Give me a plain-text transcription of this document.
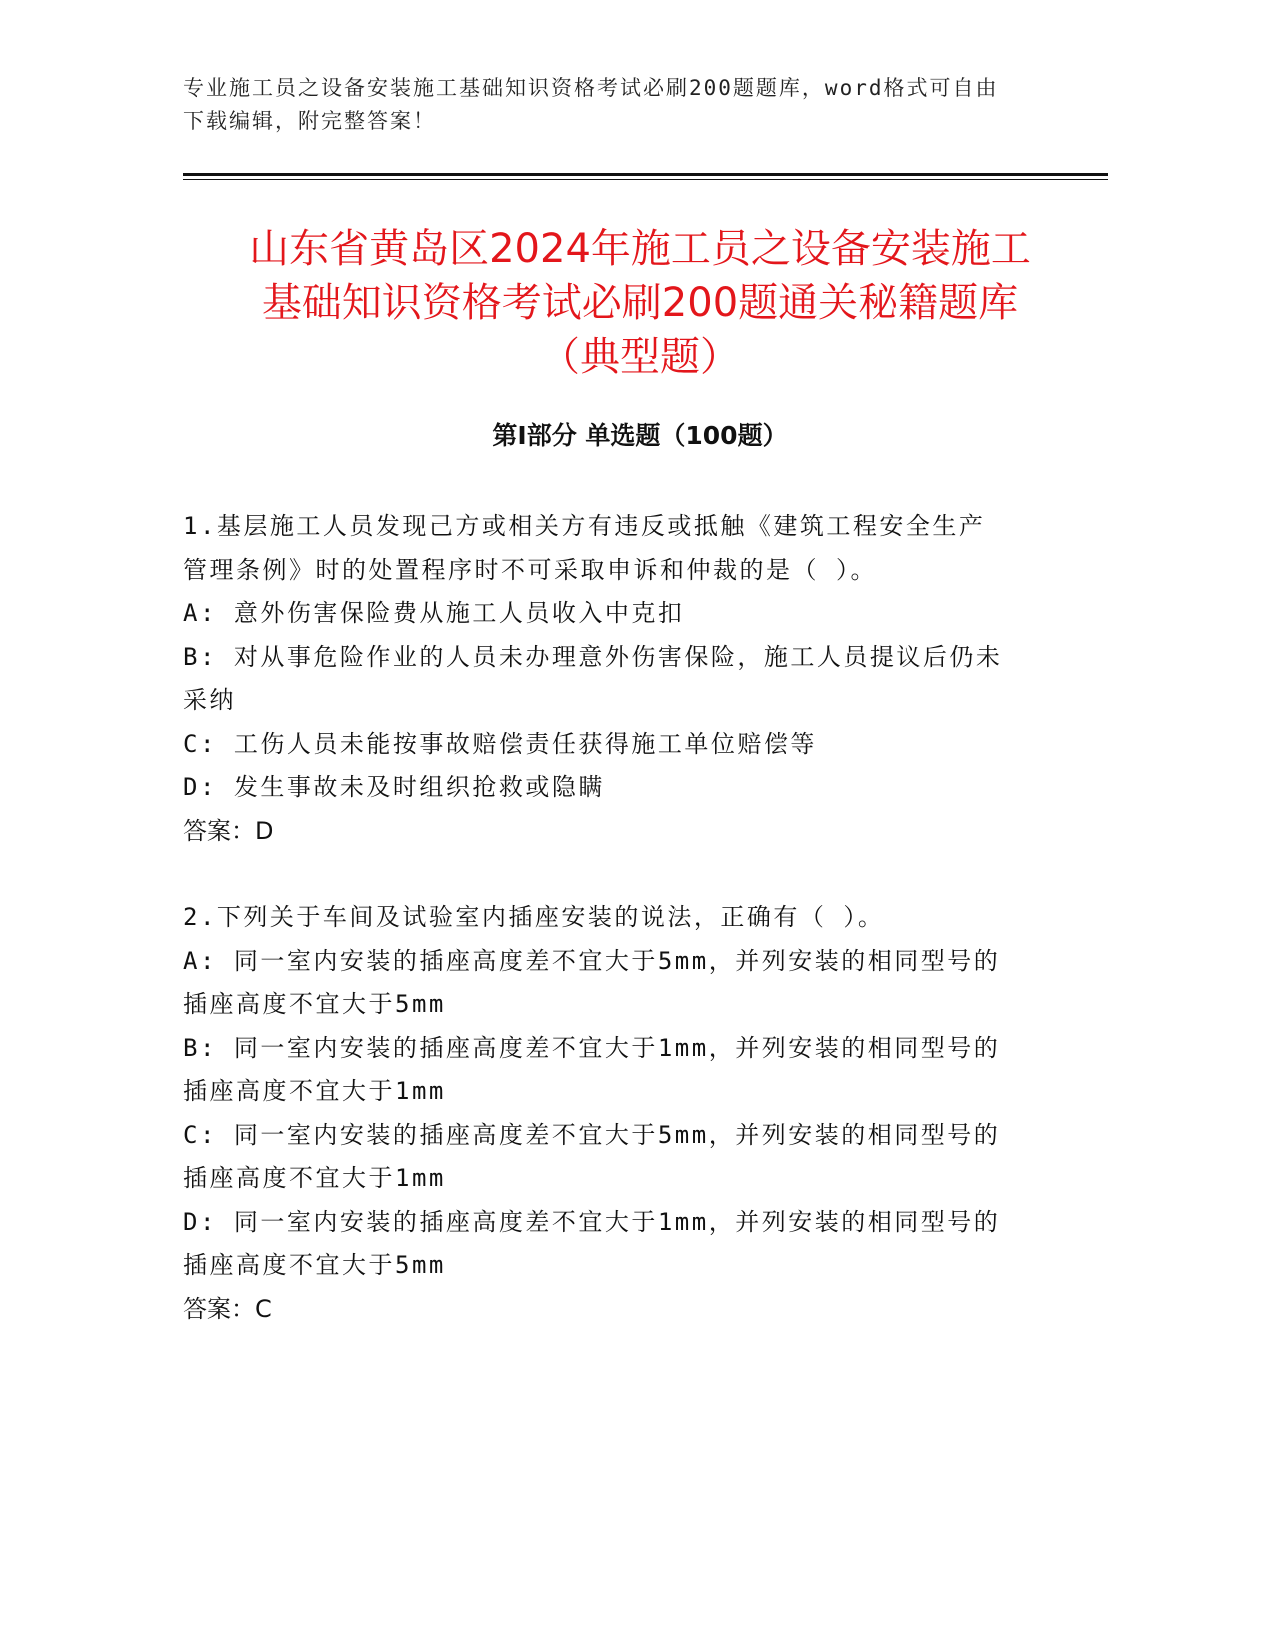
专业施工员之设备安装施工基础知识资格考试必刷200题题库，word格式可自由
下载编辑，附完整答案！
山东省黄岛区2024年施工员之设备安装施工
基础知识资格考试必刷200题通关秘籍题库
（典型题）
第Ⅰ部分 单选题（100题）
1.基层施工人员发现己方或相关方有违反或抵触《建筑工程安全生产
管理条例》时的处置程序时不可采取申诉和仲裁的是（ ）。
A: 意外伤害保险费从施工人员收入中克扣
B: 对从事危险作业的人员未办理意外伤害保险，施工人员提议后仍未
采纳
C: 工伤人员未能按事故赔偿责任获得施工单位赔偿等
D: 发生事故未及时组织抢救或隐瞒
答案：D
2.下列关于车间及试验室内插座安装的说法，正确有（ ）。
A: 同一室内安装的插座高度差不宜大于5mm，并列安装的相同型号的
插座高度不宜大于5mm
B: 同一室内安装的插座高度差不宜大于1mm，并列安装的相同型号的
插座高度不宜大于1mm
C: 同一室内安装的插座高度差不宜大于5mm，并列安装的相同型号的
插座高度不宜大于1mm
D: 同一室内安装的插座高度差不宜大于1mm，并列安装的相同型号的
插座高度不宜大于5mm
答案：C
